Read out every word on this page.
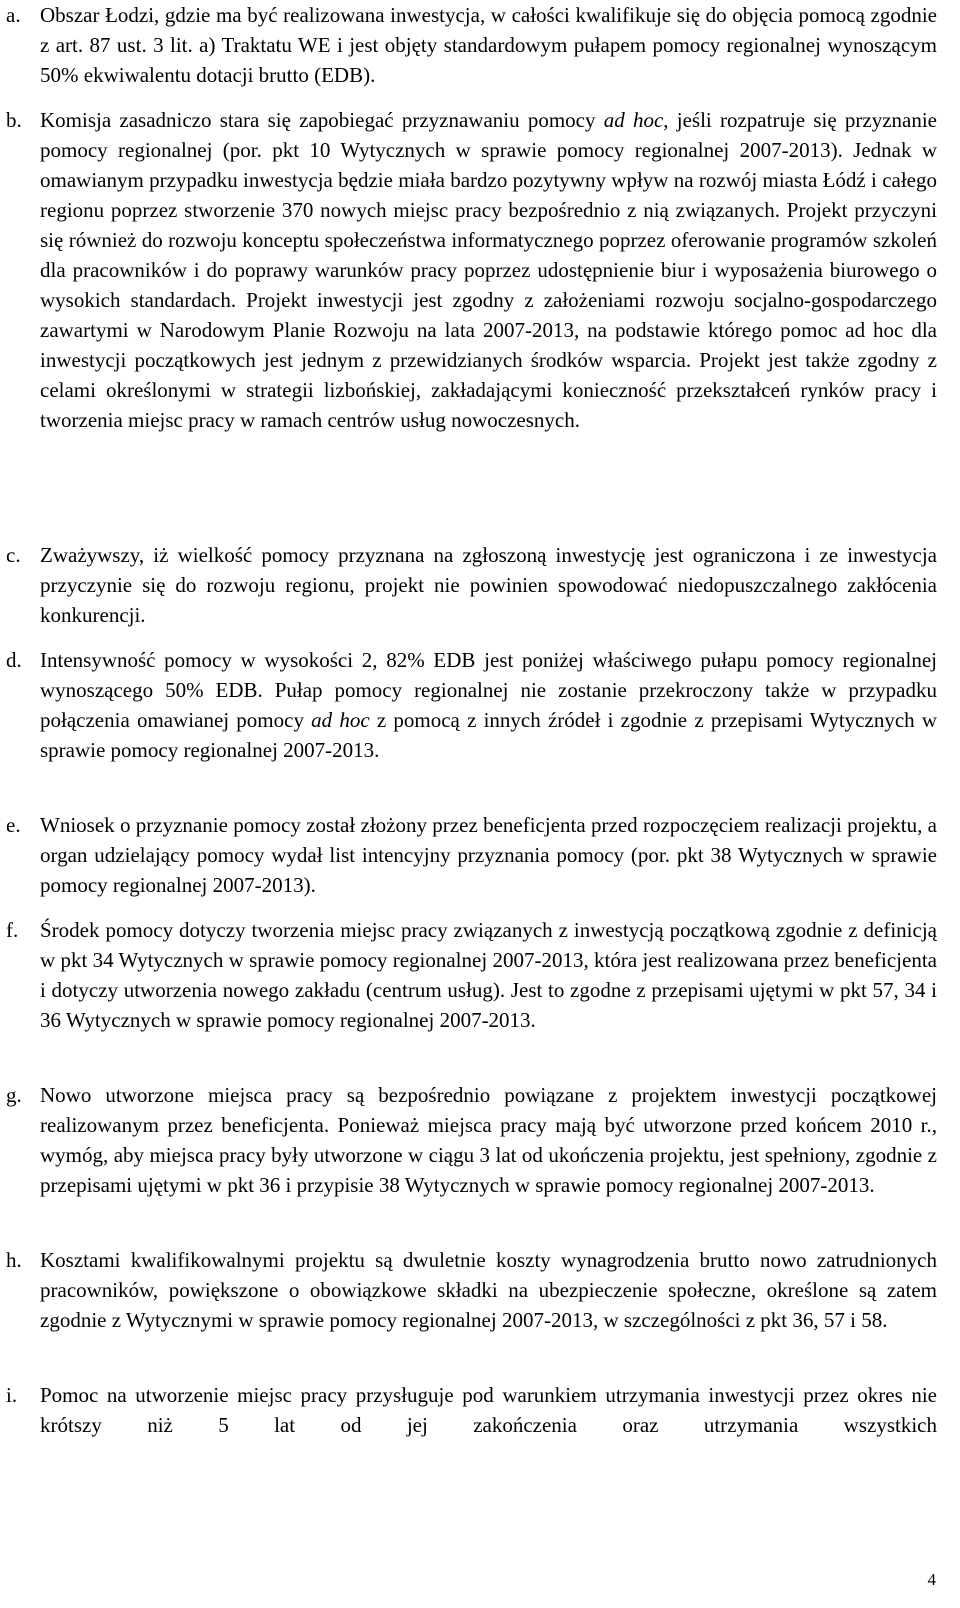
a. Obszar Łodzi, gdzie ma być realizowana inwestycja, w całości kwalifikuje się do objęcia pomocą zgodnie z art. 87 ust. 3 lit. a) Traktatu WE i jest objęty standardowym pułapem pomocy regionalnej wynoszącym 50% ekwiwalentu dotacji brutto (EDB).
b. Komisja zasadniczo stara się zapobiegać przyznawaniu pomocy ad hoc, jeśli rozpatruje się przyznanie pomocy regionalnej (por. pkt 10 Wytycznych w sprawie pomocy regionalnej 2007-2013). Jednak w omawianym przypadku inwestycja będzie miała bardzo pozytywny wpływ na rozwój miasta Łódź i całego regionu poprzez stworzenie 370 nowych miejsc pracy bezpośrednio z nią związanych. Projekt przyczyni się również do rozwoju konceptu społeczeństwa informatycznego poprzez oferowanie programów szkoleń dla pracowników i do poprawy warunków pracy poprzez udostępnienie biur i wyposażenia biurowego o wysokich standardach. Projekt inwestycji jest zgodny z założeniami rozwoju socjalno-gospodarczego zawartymi w Narodowym Planie Rozwoju na lata 2007-2013, na podstawie którego pomoc ad hoc dla inwestycji początkowych jest jednym z przewidzianych środków wsparcia. Projekt jest także zgodny z celami określonymi w strategii lizbońskiej, zakładającymi konieczność przekształceń rynków pracy i tworzenia miejsc pracy w ramach centrów usług nowoczesnych.
c. Zważywszy, iż wielkość pomocy przyznana na zgłoszoną inwestycję jest ograniczona i ze inwestycja przyczynie się do rozwoju regionu, projekt nie powinien spowodować niedopuszczalnego zakłócenia konkurencji.
d. Intensywność pomocy w wysokości 2, 82% EDB jest poniżej właściwego pułapu pomocy regionalnej wynoszącego 50% EDB. Pułap pomocy regionalnej nie zostanie przekroczony także w przypadku połączenia omawianej pomocy ad hoc z pomocą z innych źródeł i zgodnie z przepisami Wytycznych w sprawie pomocy regionalnej 2007-2013.
e. Wniosek o przyznanie pomocy został złożony przez beneficjenta przed rozpoczęciem realizacji projektu, a organ udzielający pomocy wydał list intencyjny przyznania pomocy (por. pkt 38 Wytycznych w sprawie pomocy regionalnej 2007-2013).
f.	Środek pomocy dotyczy tworzenia miejsc pracy związanych z inwestycją początkową zgodnie z definicją w pkt 34 Wytycznych w sprawie pomocy regionalnej 2007-2013, która jest realizowana przez beneficjenta i dotyczy utworzenia nowego zakładu (centrum usług). Jest to zgodne z przepisami ujętymi w pkt 57, 34 i 36 Wytycznych w sprawie pomocy regionalnej 2007-2013.
g. Nowo utworzone miejsca pracy są bezpośrednio powiązane z projektem inwestycji początkowej realizowanym przez beneficjenta. Ponieważ miejsca pracy mają być utworzone przed końcem 2010 r., wymóg, aby miejsca pracy były utworzone w ciągu 3 lat od ukończenia projektu, jest spełniony, zgodnie z przepisami ujętymi w pkt 36 i przypisie 38 Wytycznych w sprawie pomocy regionalnej 2007-2013.
h. Kosztami kwalifikowalnymi projektu są dwuletnie koszty wynagrodzenia brutto nowo zatrudnionych pracowników, powiększone o obowiązkowe składki na ubezpieczenie społeczne, określone są zatem zgodnie z Wytycznymi w sprawie pomocy regionalnej 2007-2013, w szczególności z pkt 36, 57 i 58.
i.	Pomoc na utworzenie miejsc pracy przysługuje pod warunkiem utrzymania inwestycji przez okres nie krótszy niż 5 lat od jej zakończenia oraz utrzymania wszystkich
4
